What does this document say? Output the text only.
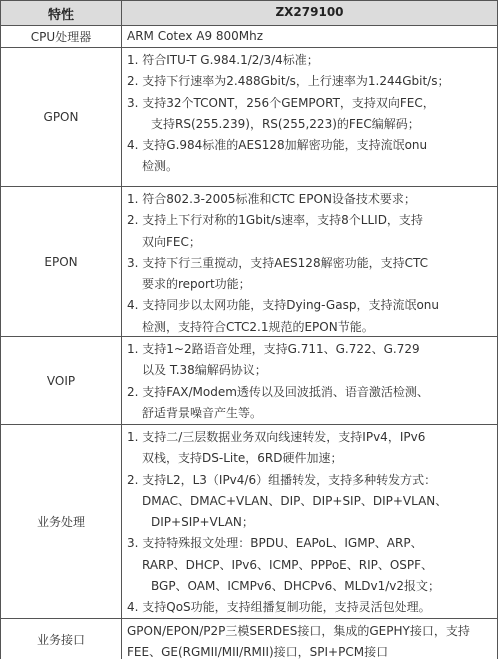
特性	ZX279100
CPU处理器	ARM Cotex A9 800Mhz
GPON
1. 符合ITU-T G.984.1/2/3/4标准；
2. 支持下行速率为2.488Gbit/s，上行速率为1.244Gbit/s；
3. 支持32个TCONT，256个GEMPORT，支持双向FEC，
支持RS(255.239)，RS(255,223)的FEC编解码；
4. 支持G.984标准的AES128加解密功能，支持流氓onu
检测。
EPON
1. 符合802.3-2005标准和CTC EPON设备技术要求；
2. 支持上下行对称的1Gbit/s速率，支持8个LLID，支持
双向FEC；
3. 支持下行三重搅动，支持AES128解密功能，支持CTC
要求的report功能；
4. 支持同步以太网功能，支持Dying-Gasp，支持流氓onu
检测，支持符合CTC2.1规范的EPON节能。
VOIP
1. 支持1~2路语音处理，支持G.711、G.722、G.729
以及 T.38编解码协议；
2. 支持FAX/Modem透传以及回波抵消、语音激活检测、
舒适背景噪音产生等。
业务处理
1. 支持二/三层数据业务双向线速转发，支持IPv4，IPv6
双栈，支持DS-Lite，6RD硬件加速；
2. 支持L2，L3（IPv4/6）组播转发，支持多种转发方式：
DMAC、DMAC+VLAN、DIP、DIP+SIP、DIP+VLAN、
DIP+SIP+VLAN；
3. 支持特殊报文处理：BPDU、EAPoL、IGMP、ARP、
RARP、DHCP、IPv6、ICMP、PPPoE、RIP、OSPF、
BGP、OAM、ICMPv6、DHCPv6、MLDv1/v2报文；
4. 支持QoS功能，支持组播复制功能，支持灵活包处理。
业务接口
GPON/EPON/P2P三模SERDES接口，集成的GEPHY接口，支持
FEE、GE(RGMII/MII/RMII)接口，SPI+PCM接口
